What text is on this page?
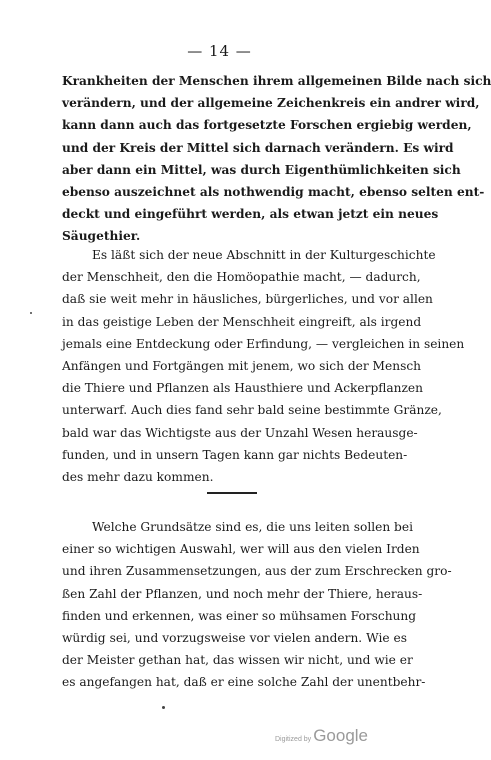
— 14 —
Krankheiten der Menschen ihrem allgemeinen Bilde nach sich
verändern, und der allgemeine Zeichenkreis ein andrer wird,
kann dann auch das fortgesetzte Forschen ergiebig werden,
und der Kreis der Mittel sich darnach verändern. Es wird
aber dann ein Mittel, was durch Eigenthümlichkeiten sich
ebenso auszeichnet als nothwendig macht, ebenso selten ent-
deckt und eingeführt werden, als etwan jetzt ein neues
Säugethier.
Es läßt sich der neue Abschnitt in der Kulturgeschichte
der Menschheit, den die Homöopathie macht, — dadurch,
daß sie weit mehr in häusliches, bürgerliches, und vor allen
in das geistige Leben der Menschheit eingreift, als irgend
jemals eine Entdeckung oder Erfindung, — vergleichen in seinen
Anfängen und Fortgängen mit jenem, wo sich der Mensch
die Thiere und Pflanzen als Hausthiere und Ackerpflanzen
unterwarf. Auch dies fand sehr bald seine bestimmte Gränze,
bald war das Wichtigste aus der Unzahl Wesen herausge-
funden, und in unsern Tagen kann gar nichts Bedeuten-
des mehr dazu kommen.
Welche Grundsätze sind es, die uns leiten sollen bei
einer so wichtigen Auswahl, wer will aus den vielen Irden
und ihren Zusammensetzungen, aus der zum Erschrecken gro-
ßen Zahl der Pflanzen, und noch mehr der Thiere, heraus-
finden und erkennen, was einer so mühsamen Forschung
würdig sei, und vorzugsweise vor vielen andern. Wie es
der Meister gethan hat, das wissen wir nicht, und wie er
es angefangen hat, daß er eine solche Zahl der unentbehr-
Digitized by Google
